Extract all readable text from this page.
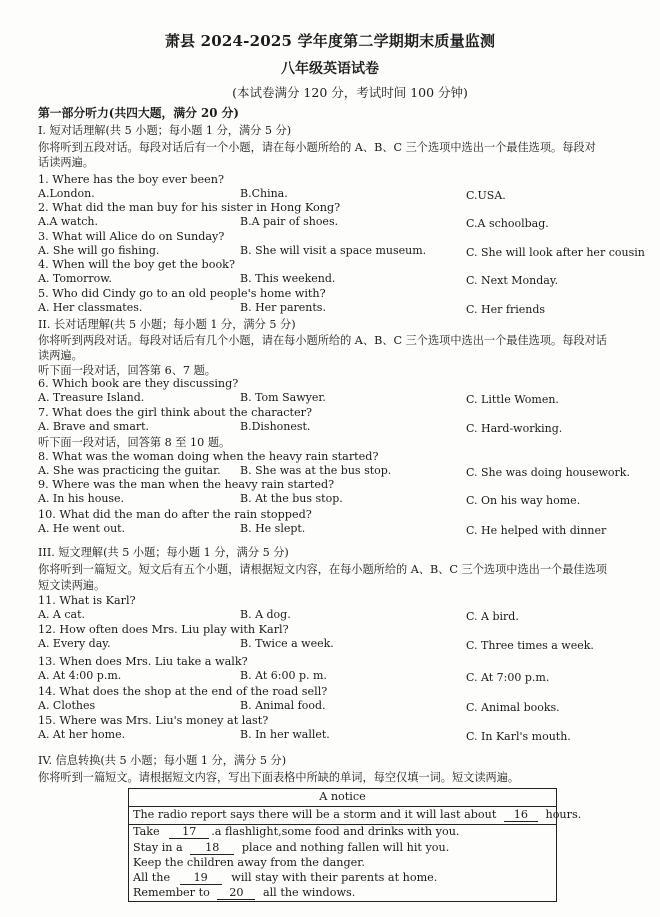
萧县 2024-2025 学年度第二学期期末质量监测
八年级英语试卷
(本试卷满分 120 分，考试时间 100 分钟)
第一部分听力(共四大题，满分 20 分)
I. 短对话理解(共 5 小题；每小题 1 分，满分 5 分)
你将听到五段对话。每段对话后有一个小题，请在每小题所给的 A、B、C 三个选项中选出一个最佳选项。每段对
话读两遍。
1. Where has the boy ever been?
A.London.	B.China.	C.USA.
2. What did the man buy for his sister in Hong Kong?
A.A watch.	B.A pair of shoes.	C.A schoolbag.
3. What will Alice do on Sunday?
A. She will go fishing.	B. She will visit a space museum.	C. She will look after her cousin
4. When will the boy get the book?
A. Tomorrow.	B. This weekend.	C. Next Monday.
5. Who did Cindy go to an old people's home with?
A. Her classmates.	B. Her parents.	C. Her friends
6. Which book are they discussing?
A. Treasure Island.	B. Tom Sawyer.	C. Little Women.
7. What does the girl think about the character?
A. Brave and smart.	B.Dishonest.	C. Hard-working.
8. What was the woman doing when the heavy rain started?
A. She was practicing the guitar. B. She was at the bus stop.	C. She was doing housework.
9. Where was the man when the heavy rain started?
A. In his house.	B. At the bus stop.	C. On his way home.
10. What did the man do after the rain stopped?
A. He went out.	B. He slept.	C. He helped with dinner
11. What is Karl?
A. A cat.	B. A dog.	C. A bird.
12. How often does Mrs. Liu play with Karl?
A. Every day.	B. Twice a week.	C. Three times a week.
13. When does Mrs. Liu take a walk?
A. At 4:00 p.m.	B. At 6:00 p. m.	C. At 7:00 p.m.
14. What does the shop at the end of the road sell?
A. Clothes	B. Animal food.	C. Animal books.
15. Where was Mrs. Liu's money at last?
A. At her home.	B. In her wallet.	C. In Karl's mouth.
II. 长对话理解(共 5 小题；每小题 1 分，满分 5 分)
你将听到两段对话。每段对话后有几个小题，请在每小题所给的 A、B、C 三个选项中选出一个最佳选项。每段对话
读两遍。
听下面一段对话，回答第 6、7 题。
听下面一段对话，回答第 8 至 10 题。
III. 短文理解(共 5 小题；每小题 1 分，满分 5 分)
你将听到一篇短文。短文后有五个小题，请根据短文内容，在每小题所给的 A、B、C 三个选项中选出一个最佳选项
短文读两遍。
IV. 信息转换(共 5 小题；每小题 1 分，满分 5 分)
你将听到一篇短文。请根据短文内容，写出下面表格中所缺的单词，每空仅填一词。短文读两遍。
A notice
The radio report says there will be a storm and it will last about 16 hours.
Take 17 .a flashlight,some food and drinks with you.
Stay in a 18 place and nothing fallen will hit you.
Keep the children away from the danger.
All the 19 will stay with their parents at home.
Remember to 20 all the windows.
